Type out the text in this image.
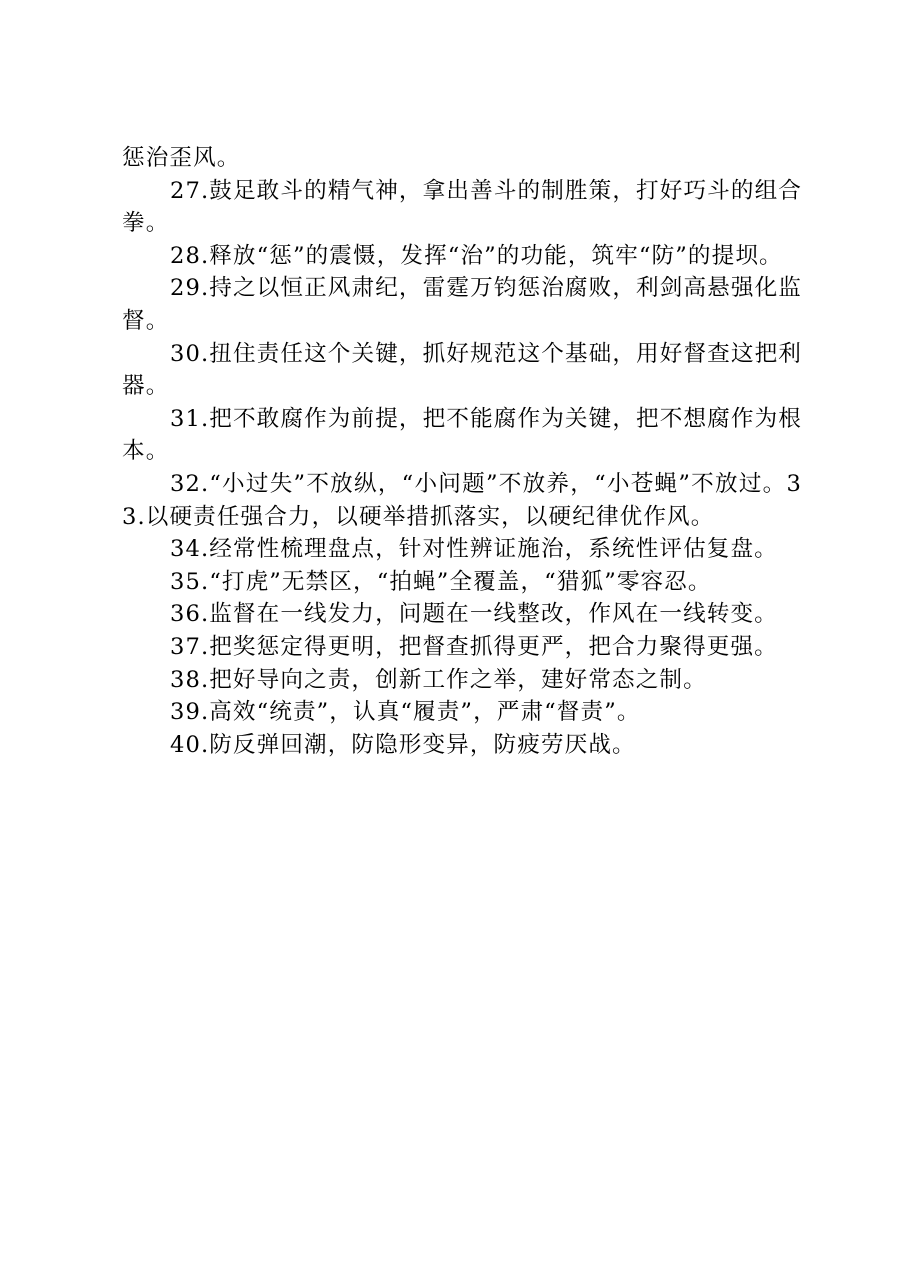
惩治歪风。

27.鼓足敢斗的精气神，拿出善斗的制胜策，打好巧斗的组合拳。

28.释放“惩”的震慑，发挥“治”的功能，筑牢“防”的提坝。

29.持之以恒正风肃纪，雷霆万钧惩治腐败，利剑高悬强化监督。

30.扭住责任这个关键，抓好规范这个基础，用好督查这把利器。

31.把不敢腐作为前提，把不能腐作为关键，把不想腐作为根本。

32.“小过失”不放纵，“小问题”不放养，“小苍蝇”不放过。33.以硬责任强合力，以硬举措抓落实，以硬纪律优作风。

34.经常性梳理盘点，针对性辨证施治，系统性评估复盘。

35.“打虎”无禁区，“拍蝇”全覆盖，“猎狐”零容忍。

36.监督在一线发力，问题在一线整改，作风在一线转变。

37.把奖惩定得更明，把督查抓得更严，把合力聚得更强。

38.把好导向之责，创新工作之举，建好常态之制。

39.高效“统责”，认真“履责”，严肃“督责”。

40.防反弹回潮，防隐形变异，防疲劳厌战。
